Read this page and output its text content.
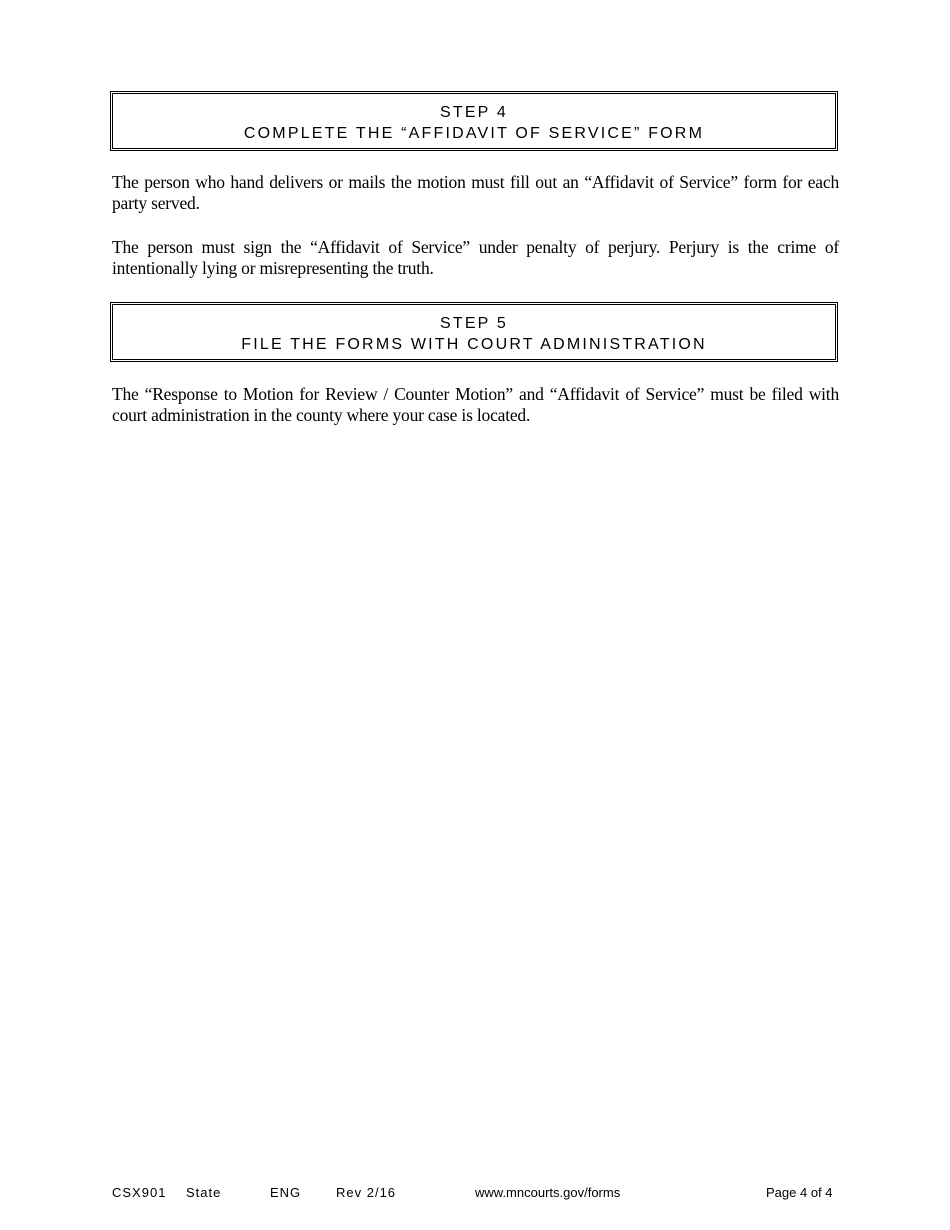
STEP 4
COMPLETE THE “AFFIDAVIT OF SERVICE” FORM

The person who hand delivers or mails the motion must fill out an “Affidavit of Service” form for each party served.

The person must sign the “Affidavit of Service” under penalty of perjury. Perjury is the crime of intentionally lying or misrepresenting the truth.

STEP 5
FILE THE FORMS WITH COURT ADMINISTRATION

The “Response to Motion for Review / Counter Motion” and “Affidavit of Service” must be filed with court administration in the county where your case is located.

CSX901 State	ENG	Rev 2/16	www.mncourts.gov/forms	Page 4 of 4
